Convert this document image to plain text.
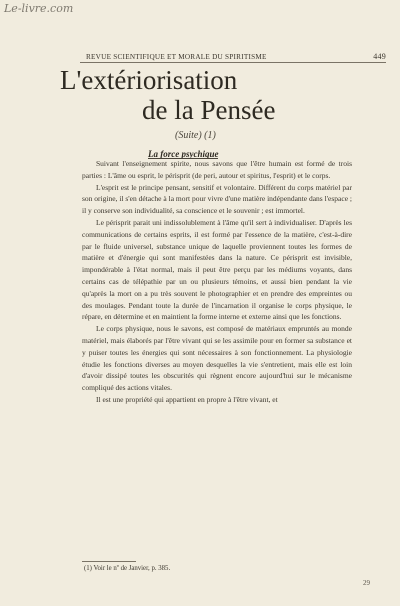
Le-livre.com
REVUE SCIENTIFIQUE ET MORALE DU SPIRITISME	449
L'extériorisation
de la Pensée
(Suite) (1)
La force psychique

Suivant l'enseignement spirite, nous savons que l'être humain est formé de trois parties : L'âme ou esprit, le périsprit (de peri, autour et spiritus, l'esprit) et le corps.

L'esprit est le principe pensant, sensitif et volontaire. Différent du corps matériel par son origine, il s'en détache à la mort pour vivre d'une matière indépendante dans l'espace ; il y conserve son individualité, sa conscience et le souvenir ; est immortel.

Le périsprit parait uni indissolublement à l'âme qu'il sert à individualiser. D'après les communications de certains esprits, il est formé par l'essence de la matière, c'est-à-dire par le fluide universel, substance unique de laquelle proviennent toutes les formes de matière et d'énergie qui sont manifestées dans la nature. Ce périsprit est invisible, impondérable à l'état normal, mais il peut être perçu par les médiums voyants, dans certains cas de télépathie par un ou plusieurs témoins, et aussi bien pendant la vie qu'après la mort on a pu très souvent le photographier et en prendre des empreintes ou des moulages. Pendant toute la durée de l'incarnation il organise le corps physique, le répare, en détermine et en maintient la forme interne et externe ainsi que les fonctions.

Le corps physique, nous le savons, est composé de matériaux empruntés au monde matériel, mais élaborés par l'être vivant qui se les assimile pour en former sa substance et y puiser toutes les énergies qui sont nécessaires à son fonctionnement. La physiologie étudie les fonctions diverses au moyen desquelles la vie s'entretient, mais elle est loin d'avoir dissipé toutes les obscurités qui règnent encore aujourd'hui sur le mécanisme compliqué des actions vitales.

Il est une propriété qui appartient en propre à l'être vivant, et

(1) Voir le nº de Janvier, p. 385.
29
